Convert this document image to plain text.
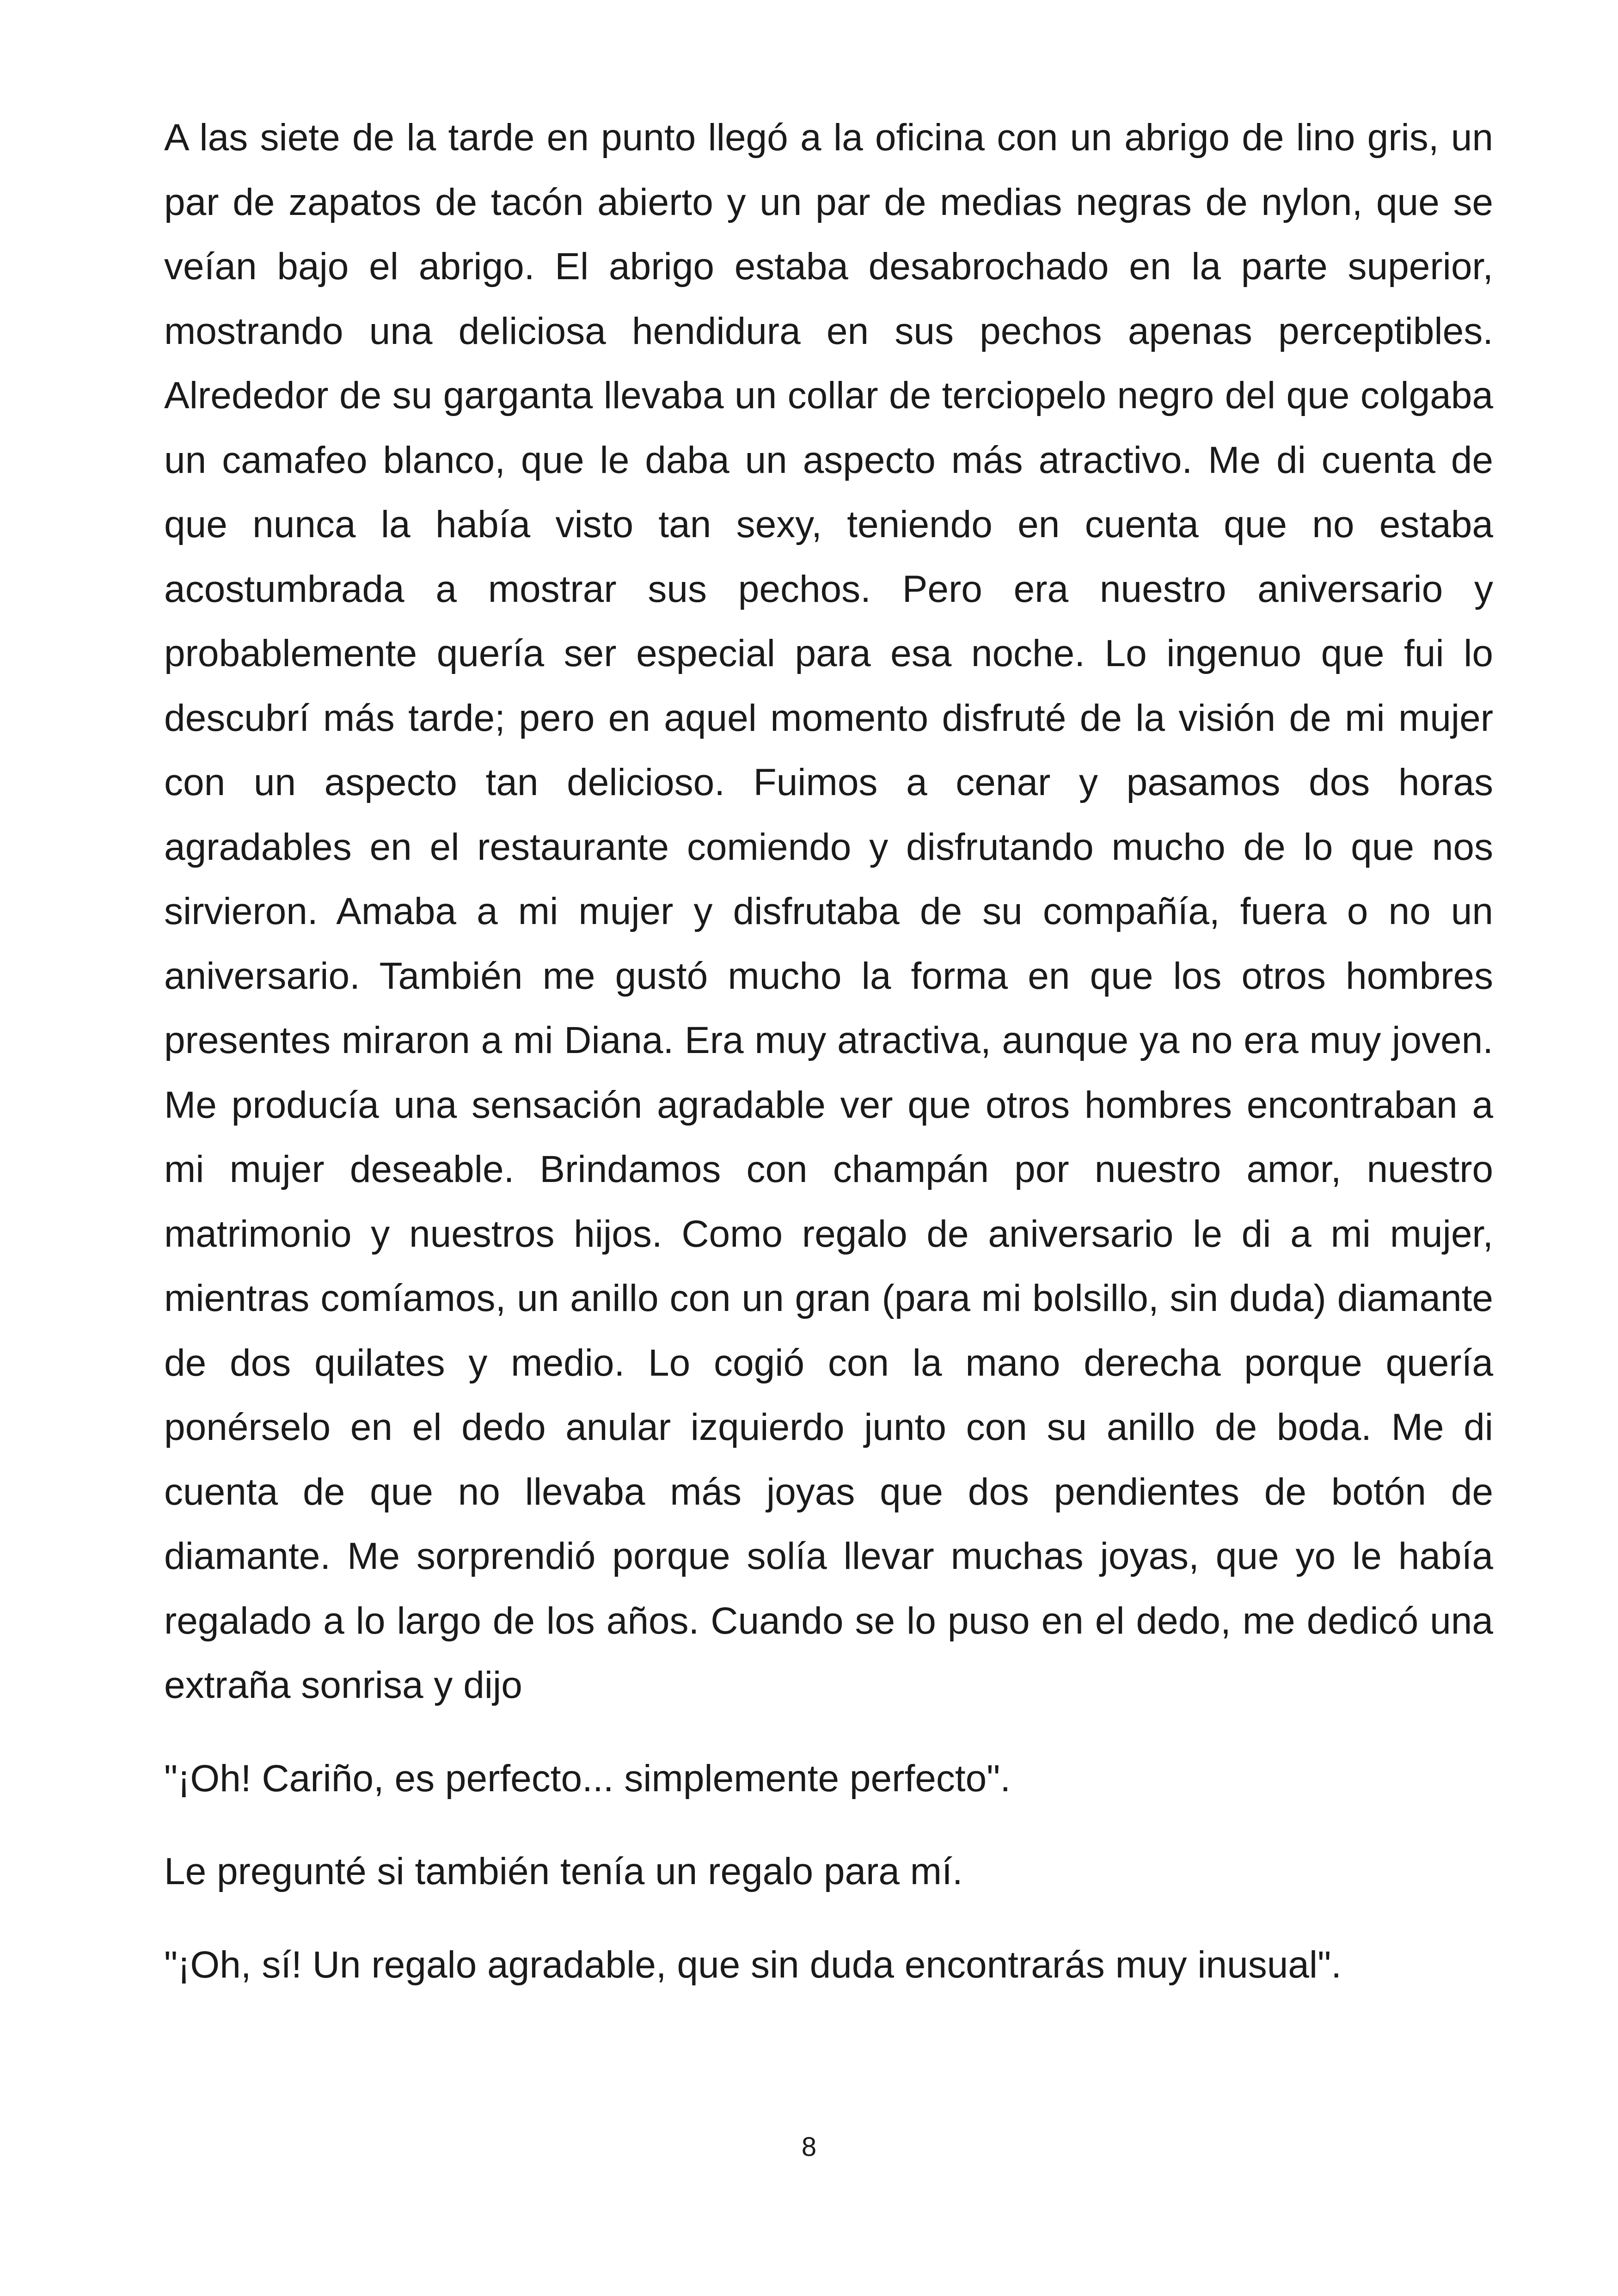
A las siete de la tarde en punto llegó a la oficina con un abrigo de lino gris, un par de zapatos de tacón abierto y un par de medias negras de nylon, que se veían bajo el abrigo. El abrigo estaba desabrochado en la parte superior, mostrando una deliciosa hendidura en sus pechos apenas perceptibles. Alrededor de su garganta llevaba un collar de terciopelo negro del que colgaba un camafeo blanco, que le daba un aspecto más atractivo. Me di cuenta de que nunca la había visto tan sexy, teniendo en cuenta que no estaba acostumbrada a mostrar sus pechos. Pero era nuestro aniversario y probablemente quería ser especial para esa noche. Lo ingenuo que fui lo descubrí más tarde; pero en aquel momento disfruté de la visión de mi mujer con un aspecto tan delicioso. Fuimos a cenar y pasamos dos horas agradables en el restaurante comiendo y disfrutando mucho de lo que nos sirvieron. Amaba a mi mujer y disfrutaba de su compañía, fuera o no un aniversario. También me gustó mucho la forma en que los otros hombres presentes miraron a mi Diana. Era muy atractiva, aunque ya no era muy joven. Me producía una sensación agradable ver que otros hombres encontraban a mi mujer deseable. Brindamos con champán por nuestro amor, nuestro matrimonio y nuestros hijos. Como regalo de aniversario le di a mi mujer, mientras comíamos, un anillo con un gran (para mi bolsillo, sin duda) diamante de dos quilates y medio. Lo cogió con la mano derecha porque quería ponérselo en el dedo anular izquierdo junto con su anillo de boda. Me di cuenta de que no llevaba más joyas que dos pendientes de botón de diamante. Me sorprendió porque solía llevar muchas joyas, que yo le había regalado a lo largo de los años. Cuando se lo puso en el dedo, me dedicó una extraña sonrisa y dijo

"¡Oh! Cariño, es perfecto... simplemente perfecto".

Le pregunté si también tenía un regalo para mí.

"¡Oh, sí! Un regalo agradable, que sin duda encontrarás muy inusual".

8
